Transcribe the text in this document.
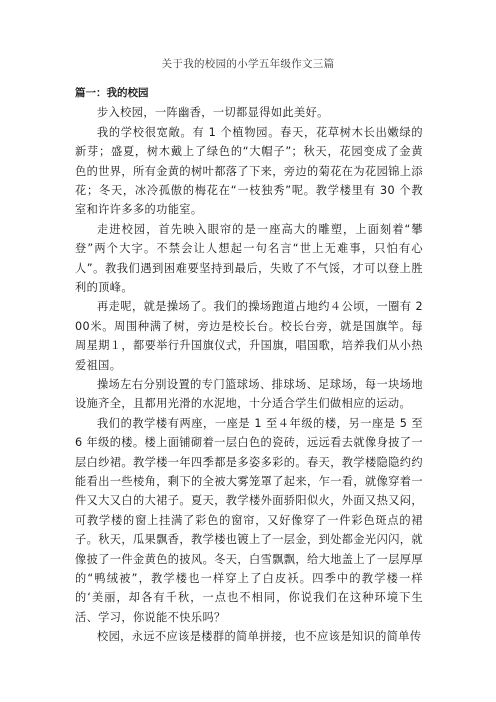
关于我的校园的小学五年级作文三篇

篇一：我的校园

步入校园，一阵幽香，一切都显得如此美好。

我的学校很宽敞。有 1 个植物园。春天，花草树木长出嫩绿的新芽；盛夏，树木戴上了绿色的“大帽子”；秋天，花园变成了金黄色的世界，所有金黄的树叶都落了下来，旁边的菊花在为花园锦上添花；冬天，冰冷孤傲的梅花在“一枝独秀”呢。教学楼里有 30 个教室和许许多多的功能室。

走进校园，首先映入眼帘的是一座高大的雕塑，上面刻着“攀登”两个大字。不禁会让人想起一句名言“世上无难事，只怕有心人”。教我们遇到困难要坚持到最后，失败了不气馁，才可以登上胜利的顶峰。

再走呢，就是操场了。我们的操场跑道占地约４公顷，一圈有 200米。周围种满了树，旁边是校长台。校长台旁，就是国旗竿。每周星期１，都要举行升国旗仪式，升国旗，唱国歌，培养我们从小热爱祖国。

操场左右分别设置的专门篮球场、排球场、足球场，每一块场地设施齐全，且都用光滑的水泥地，十分适合学生们做相应的运动。

我们的教学楼有两座，一座是 1 至４年级的楼，另一座是 5 至 6 年级的楼。楼上面铺砌着一层白色的瓷砖，远远看去就像身披了一层白纱裙。教学楼一年四季都是多姿多彩的。春天，教学楼隐隐约约能看出一些棱角，剩下的全被大雾笼罩了起来，乍一看，就像穿着一件又大又白的大裙子。夏天，教学楼外面骄阳似火，外面又热又闷，可教学楼的窗上挂满了彩色的窗帘，又好像穿了一件彩色斑点的裙子。秋天，瓜果飘香，教学楼也镀上了一层金，到处都金光闪闪，就像披了一件金黄色的披风。冬天，白雪飘飘，给大地盖上了一层厚厚的“鸭绒被”，教学楼也一样穿上了白皮袄。四季中的教学楼一样的‘美丽，却各有千秋，一点也不相同，你说我们在这种环境下生活、学习，你说能不快乐吗？

校园，永远不应该是楼群的简单拼接，也不应该是知识的简单传
